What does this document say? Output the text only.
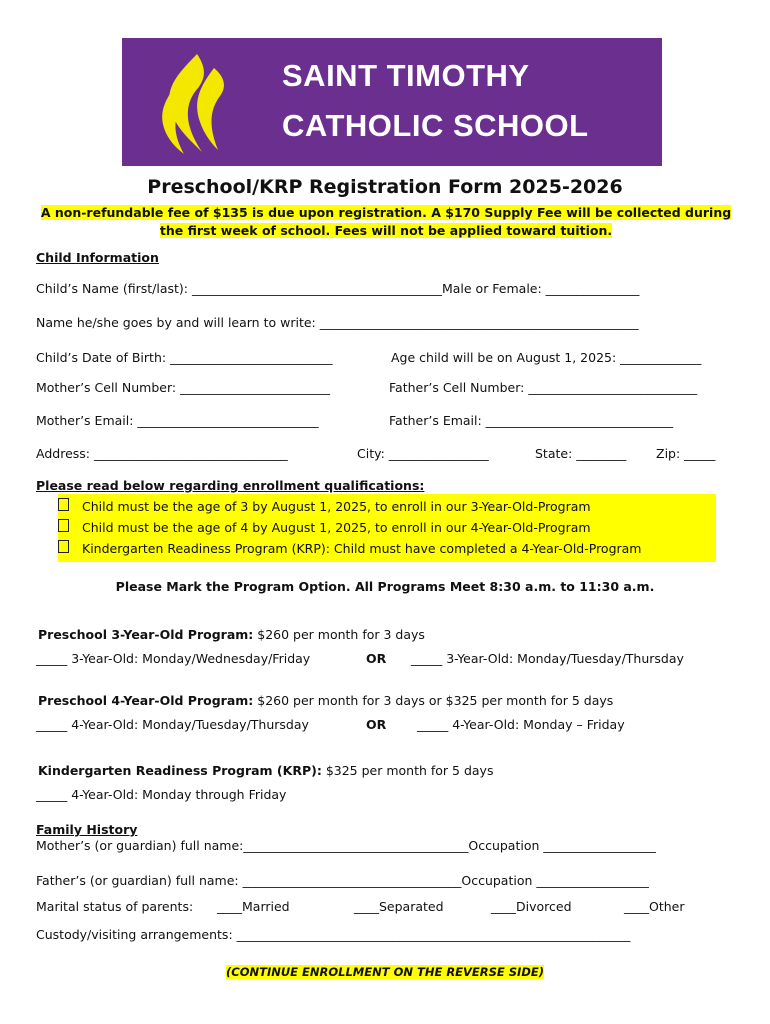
SAINT TIMOTHY
CATHOLIC SCHOOL
Preschool/KRP Registration Form 2025-2026
A non-refundable fee of $135 is due upon registration. A $170 Supply Fee will be collected during
the first week of school. Fees will not be applied toward tuition.
Child Information
Child’s Name (first/last): ________________________________________Male or Female: _______________
Name he/she goes by and will learn to write: ___________________________________________________
Child’s Date of Birth: __________________________	Age child will be on August 1, 2025: _____________
Mother’s Cell Number: ________________________	Father’s Cell Number: ___________________________
Mother’s Email: _____________________________	Father’s Email: ______________________________
Address: _______________________________	City: ________________	State: ________ Zip: _____
Please read below regarding enrollment qualifications:
Child must be the age of 3 by August 1, 2025, to enroll in our 3-Year-Old-Program
Child must be the age of 4 by August 1, 2025, to enroll in our 4-Year-Old-Program
Kindergarten Readiness Program (KRP): Child must have completed a 4-Year-Old-Program
Please Mark the Program Option. All Programs Meet 8:30 a.m. to 11:30 a.m.
Preschool 3-Year-Old Program: $260 per month for 3 days
_____ 3-Year-Old: Monday/Wednesday/Friday	OR _____ 3-Year-Old: Monday/Tuesday/Thursday
Preschool 4-Year-Old Program: $260 per month for 3 days or $325 per month for 5 days
_____ 4-Year-Old: Monday/Tuesday/Thursday	OR _____ 4-Year-Old: Monday – Friday
Kindergarten Readiness Program (KRP): $325 per month for 5 days
_____ 4-Year-Old: Monday through Friday
Family History
Mother’s (or guardian) full name:____________________________________Occupation __________________
Father’s (or guardian) full name: ___________________________________Occupation __________________
Marital status of parents: ____Married	____Separated	____Divorced	____Other
Custody/visiting arrangements: _______________________________________________________________
(CONTINUE ENROLLMENT ON THE REVERSE SIDE)
